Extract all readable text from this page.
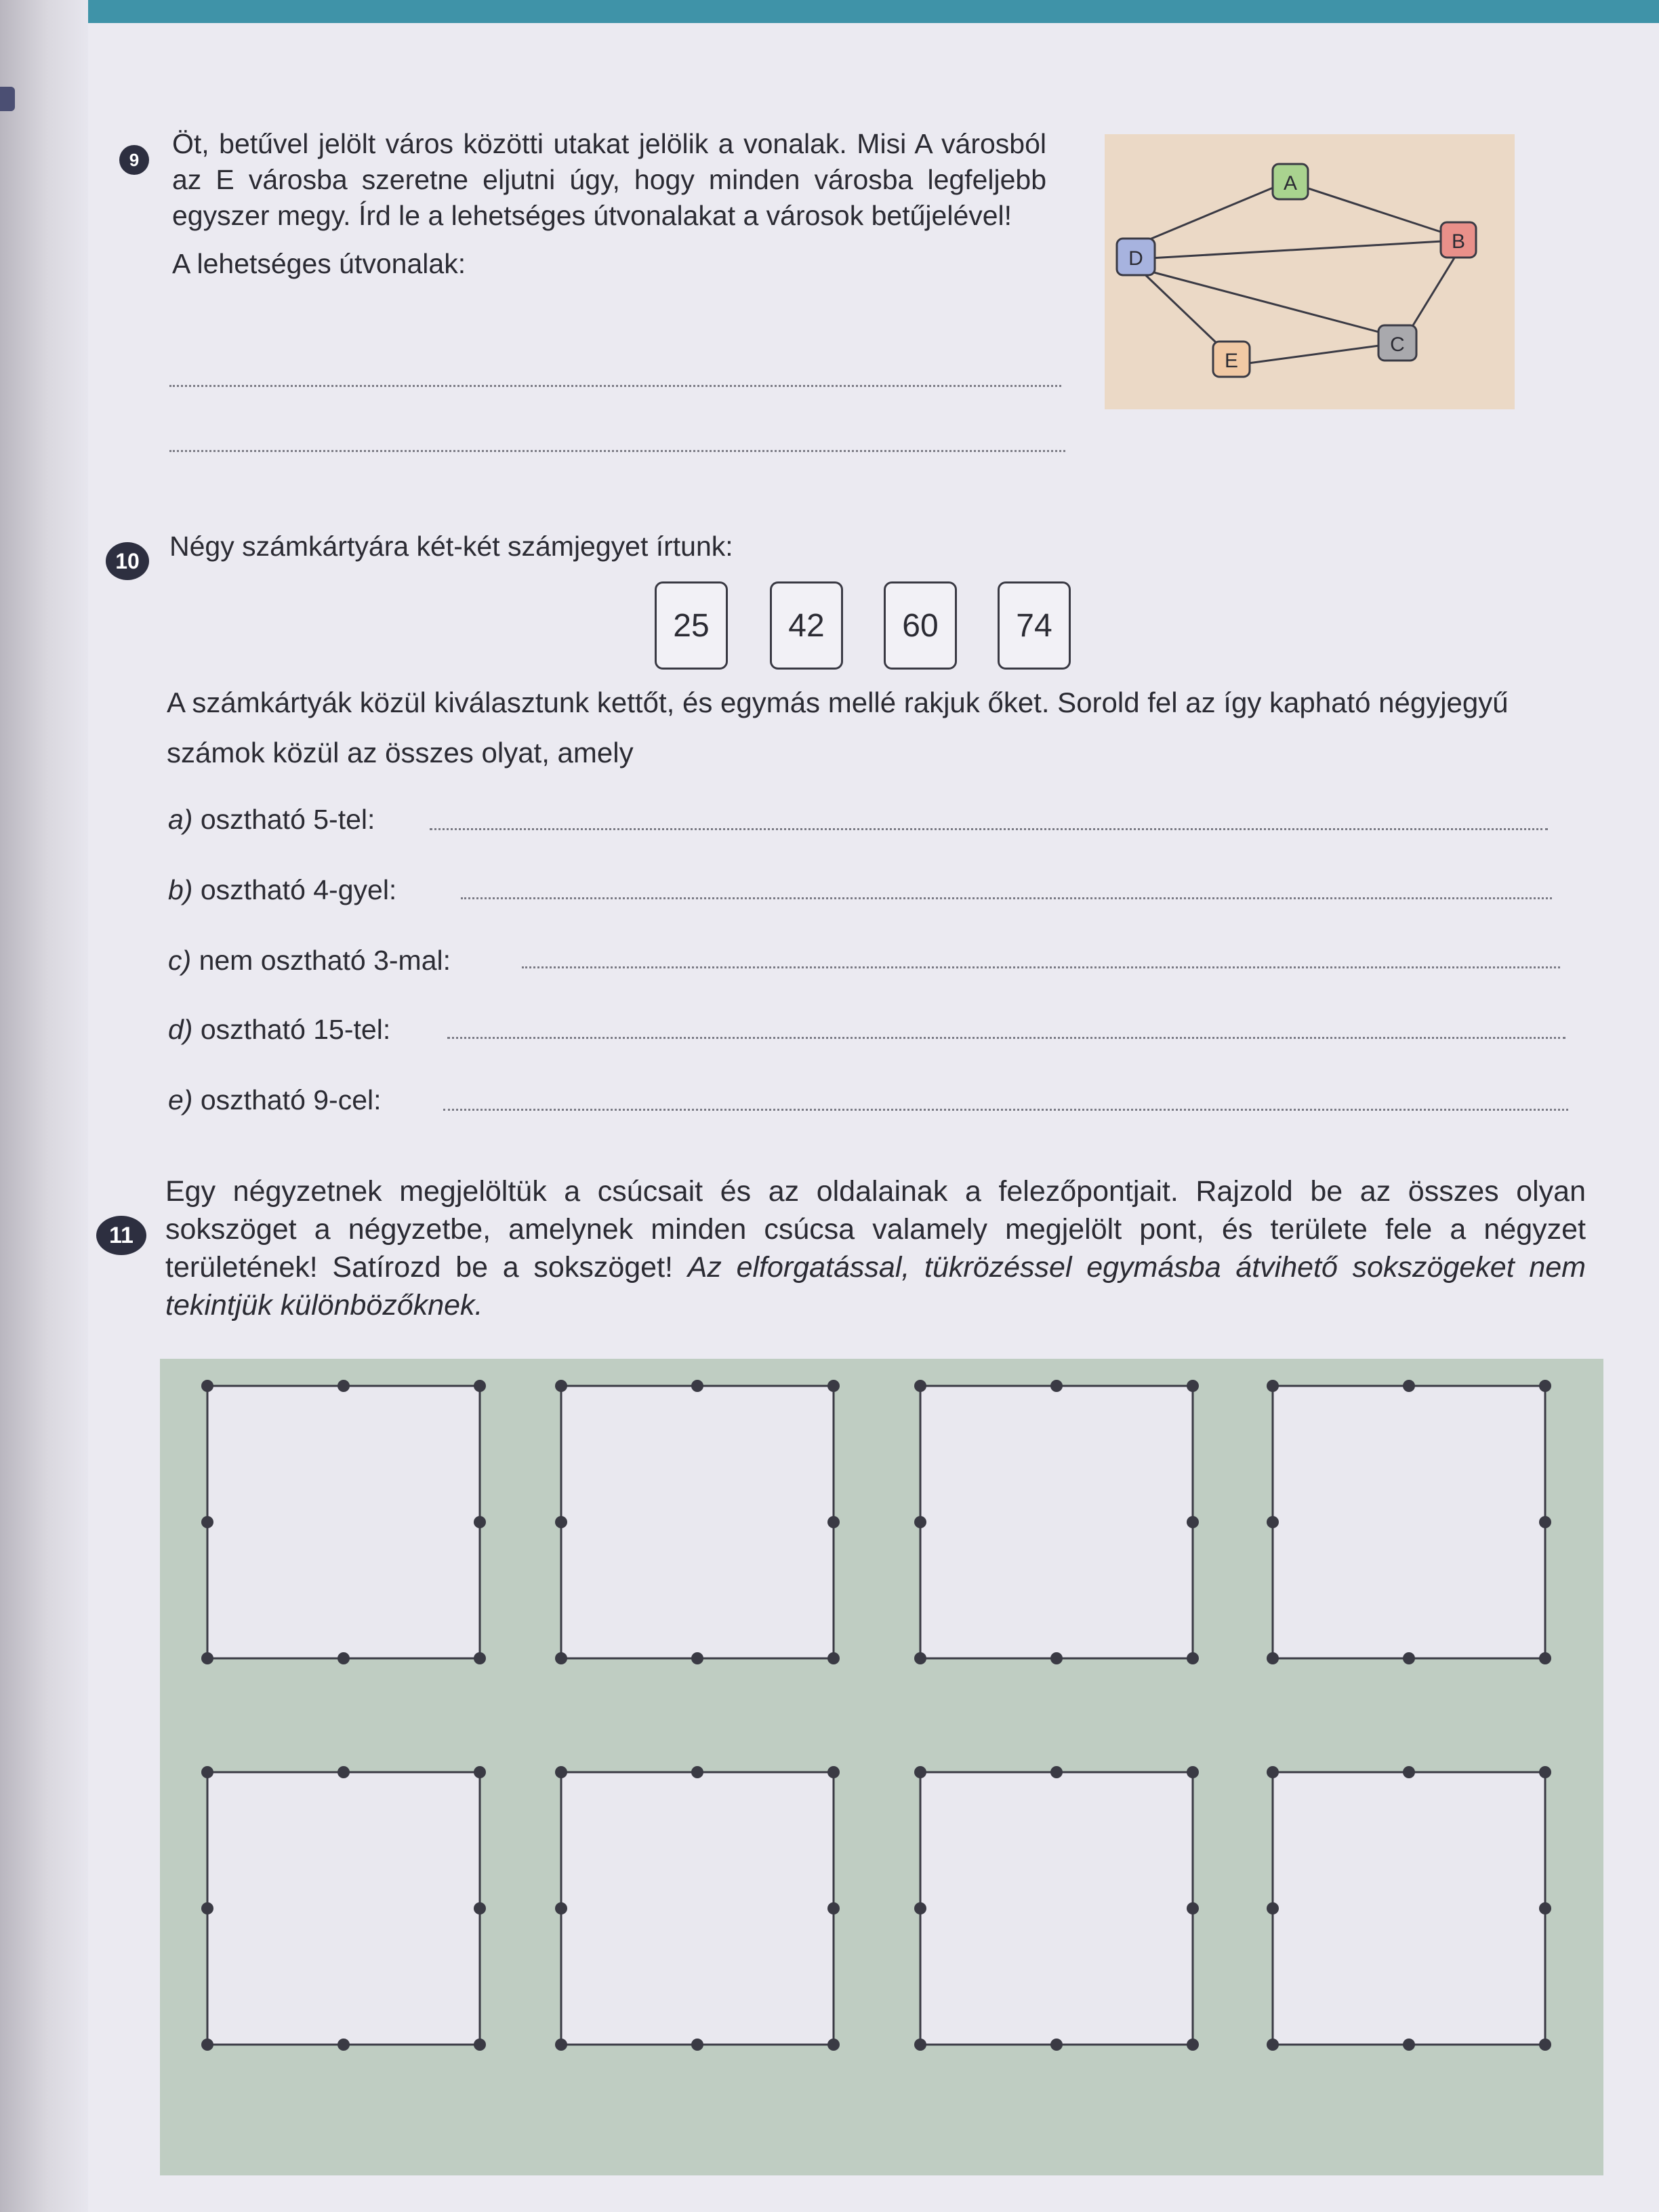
9

Öt, betűvel jelölt város közötti utakat jelölik a vonalak. Misi A városból az E városba szeretne eljutni úgy, hogy minden városba legfeljebb egyszer megy. Írd le a lehetséges útvonalakat a városok betűjelével!

A lehetséges útvonalak:

A
B
C
D
E
10	Négy számkártyára két-két számjegyet írtunk:
25	42	60	74
A számkártyák közül kiválasztunk kettőt, és egymás mellé rakjuk őket. Sorold fel az így kapható négyjegyű számok közül az összes olyat, amely
a) osztható 5-tel:
b) osztható 4-gyel:
c) nem osztható 3-mal:
d) osztható 15-tel:
e) osztható 9-cel:
11
Egy négyzetnek megjelöltük a csúcsait és az oldalainak a felezőpontjait. Rajzold be az összes olyan sokszöget a négyzetbe, amelynek minden csúcsa valamely megjelölt pont, és területe fele a négyzet területének! Satírozd be a sokszöget! Az elforgatással, tükrözéssel egymásba átvihető sokszögeket nem tekintjük különbözőknek.
